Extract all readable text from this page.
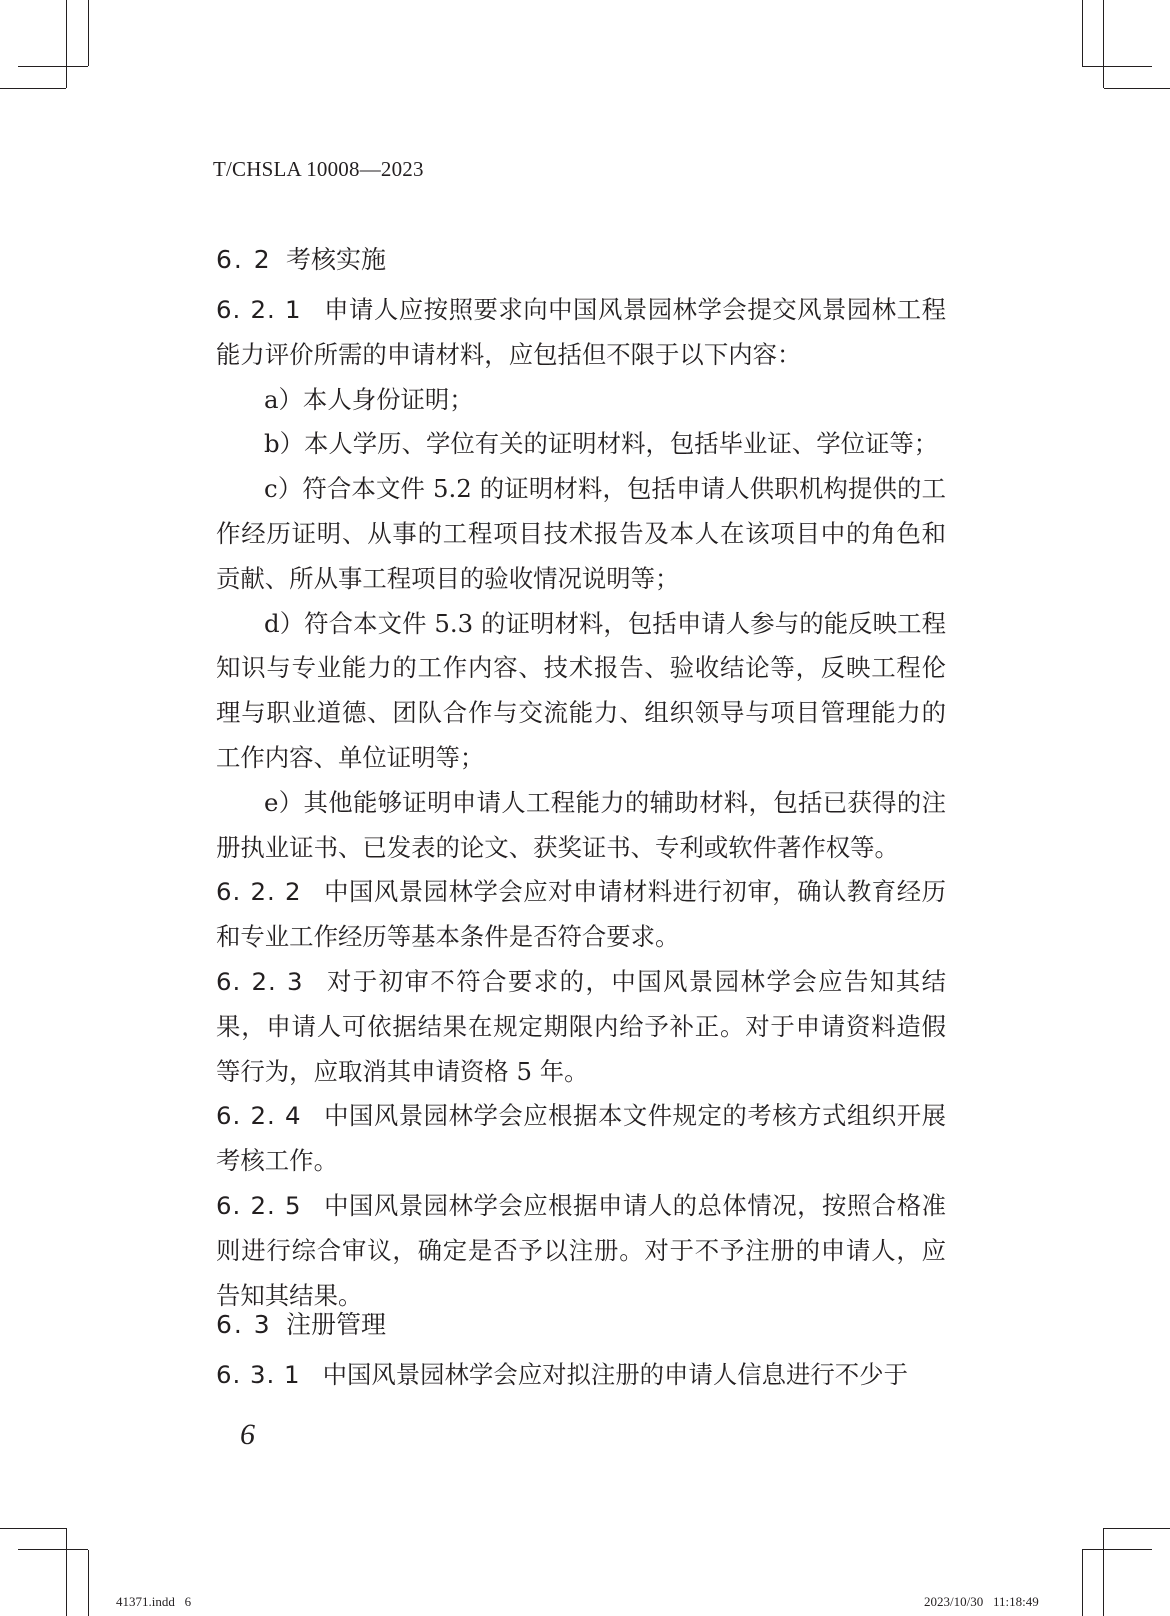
T/CHSLA 10008—2023
6. 2 考核实施

6. 2. 1 申请人应按照要求向中国风景园林学会提交风景园林工程能力评价所需的申请材料，应包括但不限于以下内容：

a）本人身份证明；

b）本人学历、学位有关的证明材料，包括毕业证、学位证等；

c）符合本文件 5.2 的证明材料，包括申请人供职机构提供的工作经历证明、从事的工程项目技术报告及本人在该项目中的角色和贡献、所从事工程项目的验收情况说明等；

d）符合本文件 5.3 的证明材料，包括申请人参与的能反映工程知识与专业能力的工作内容、技术报告、验收结论等，反映工程伦理与职业道德、团队合作与交流能力、组织领导与项目管理能力的工作内容、单位证明等；

e）其他能够证明申请人工程能力的辅助材料，包括已获得的注册执业证书、已发表的论文、获奖证书、专利或软件著作权等。

6. 2. 2 中国风景园林学会应对申请材料进行初审，确认教育经历和专业工作经历等基本条件是否符合要求。

6. 2. 3 对于初审不符合要求的，中国风景园林学会应告知其结果，申请人可依据结果在规定期限内给予补正。对于申请资料造假等行为，应取消其申请资格 5 年。

6. 2. 4 中国风景园林学会应根据本文件规定的考核方式组织开展考核工作。

6. 2. 5 中国风景园林学会应根据申请人的总体情况，按照合格准则进行综合审议，确定是否予以注册。对于不予注册的申请人，应告知其结果。

6. 3 注册管理

6. 3. 1 中国风景园林学会应对拟注册的申请人信息进行不少于

6
41371.indd   6	2023/10/30   11:18:49
